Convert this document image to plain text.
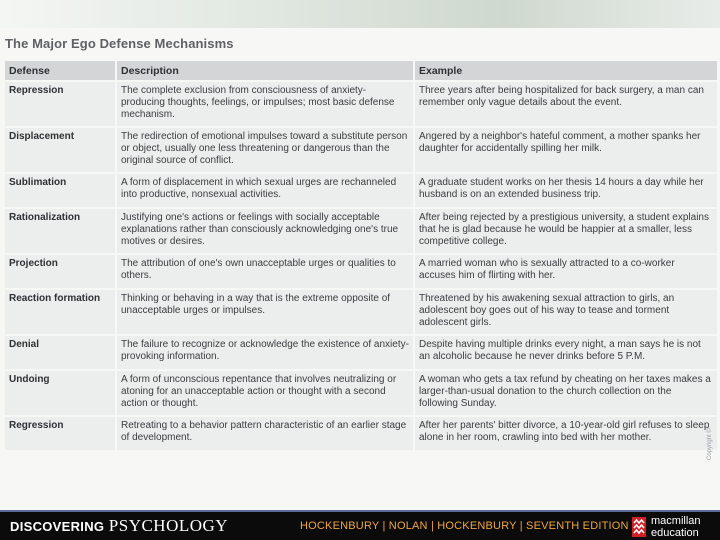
The Major Ego Defense Mechanisms
Defense	Description	Example
Repression	The complete exclusion from consciousness of anxiety-producing thoughts, feelings, or impulses; most basic defense mechanism.	Three years after being hospitalized for back surgery, a man can remember only vague details about the event.
Displacement	The redirection of emotional impulses toward a substitute person or object, usually one less threatening or dangerous than the original source of conflict.	Angered by a neighbor's hateful comment, a mother spanks her daughter for accidentally spilling her milk.
Sublimation	A form of displacement in which sexual urges are rechanneled into productive, nonsexual activities.	A graduate student works on her thesis 14 hours a day while her husband is on an extended business trip.
Rationalization	Justifying one's actions or feelings with socially acceptable explanations rather than consciously acknowledging one's true motives or desires.	After being rejected by a prestigious university, a student explains that he is glad because he would be happier at a smaller, less competitive college.
Projection	The attribution of one's own unacceptable urges or qualities to others.	A married woman who is sexually attracted to a co-worker accuses him of flirting with her.
Reaction formation	Thinking or behaving in a way that is the extreme opposite of unacceptable urges or impulses.	Threatened by his awakening sexual attraction to girls, an adolescent boy goes out of his way to tease and torment adolescent girls.
Denial	The failure to recognize or acknowledge the existence of anxiety-provoking information.	Despite having multiple drinks every night, a man says he is not an alcoholic because he never drinks before 5 P.M.
Undoing	A form of unconscious repentance that involves neutralizing or atoning for an unacceptable action or thought with a second action or thought.	A woman who gets a tax refund by cheating on her taxes makes a larger-than-usual donation to the church collection on the following Sunday.
Regression	Retreating to a behavior pattern characteristic of an earlier stage of development.	After her parents' bitter divorce, a 10-year-old girl refuses to sleep alone in her room, crawling into bed with her mother.	Copyright ©
DISCOVERING PSYCHOLOGY	HOCKENBURY | NOLAN | HOCKENBURY | SEVENTH EDITION macmillan
education
